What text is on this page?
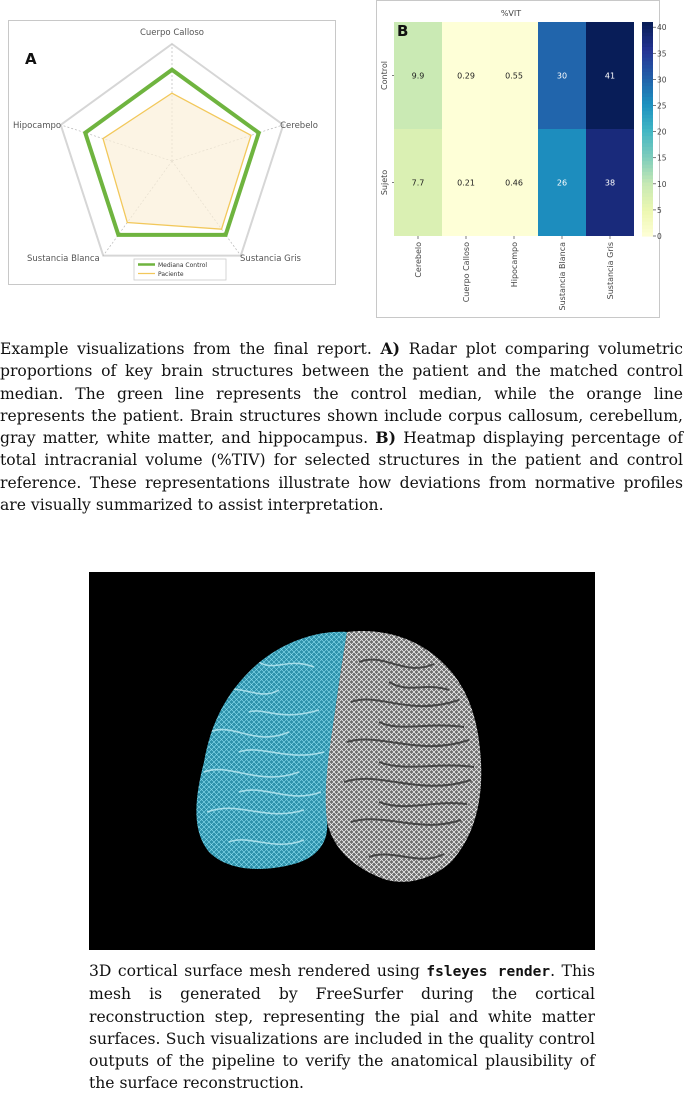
A
Cuerpo Calloso
Cerebelo
Sustancia Gris
Sustancia Blanca
Hipocampo
Mediana Control
Paciente
%VIT
9.9	0.29	0.55	30	41
7.7	0.21	0.46	26	38
B
Control
Sujeto
Cerebelo	Cuerpo Calloso	Hipocampo	Sustancia Blanca	Sustancia Gris
0
5
10
15
20
25
30
35
40

Example visualizations from the final report. A) Radar plot comparing volumetric proportions of key brain structures between the patient and the matched control median. The green line represents the control median, while the orange line represents the patient. Brain structures shown include corpus callosum, cerebellum, gray matter, white matter, and hippocampus. B) Heatmap displaying percentage of total intracranial volume (%TIV) for selected structures in the patient and control reference. These representations illustrate how deviations from normative profiles are visually summarized to assist interpretation.

3D cortical surface mesh rendered using fsleyes render. This mesh is generated by FreeSurfer during the cortical reconstruction step, representing the pial and white matter surfaces. Such visualizations are included in the quality control outputs of the pipeline to verify the anatomical plausibility of the surface reconstruction.
